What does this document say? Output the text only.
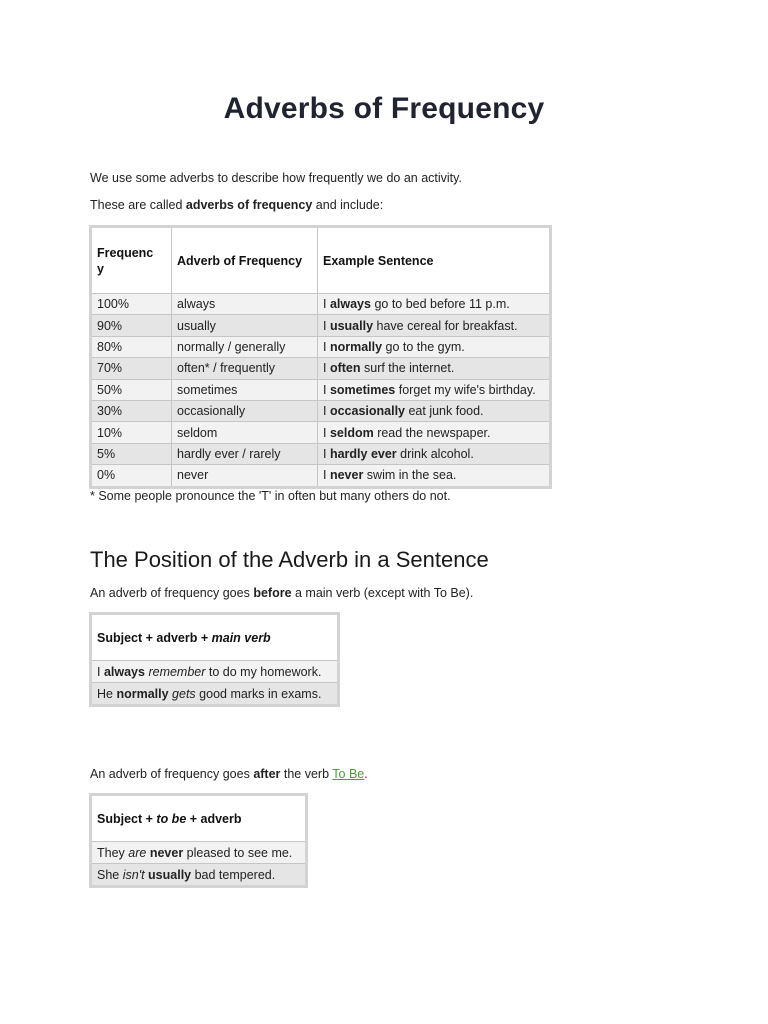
Adverbs of Frequency

We use some adverbs to describe how frequently we do an activity.

These are called adverbs of frequency and include:

Frequency	Adverb of Frequency	Example Sentence
100%	always	I always go to bed before 11 p.m.
90%	usually	I usually have cereal for breakfast.
80%	normally / generally	I normally go to the gym.
70%	often* / frequently	I often surf the internet.
50%	sometimes	I sometimes forget my wife's birthday.
30%	occasionally	I occasionally eat junk food.
10%	seldom	I seldom read the newspaper.
5%	hardly ever / rarely	I hardly ever drink alcohol.
0%	never	I never swim in the sea.

* Some people pronounce the 'T' in often but many others do not.

The Position of the Adverb in a Sentence

An adverb of frequency goes before a main verb (except with To Be).

Subject + adverb + main verb
I always remember to do my homework.
He normally gets good marks in exams.

An adverb of frequency goes after the verb To Be.

Subject + to be + adverb
They are never pleased to see me.
She isn't usually bad tempered.
